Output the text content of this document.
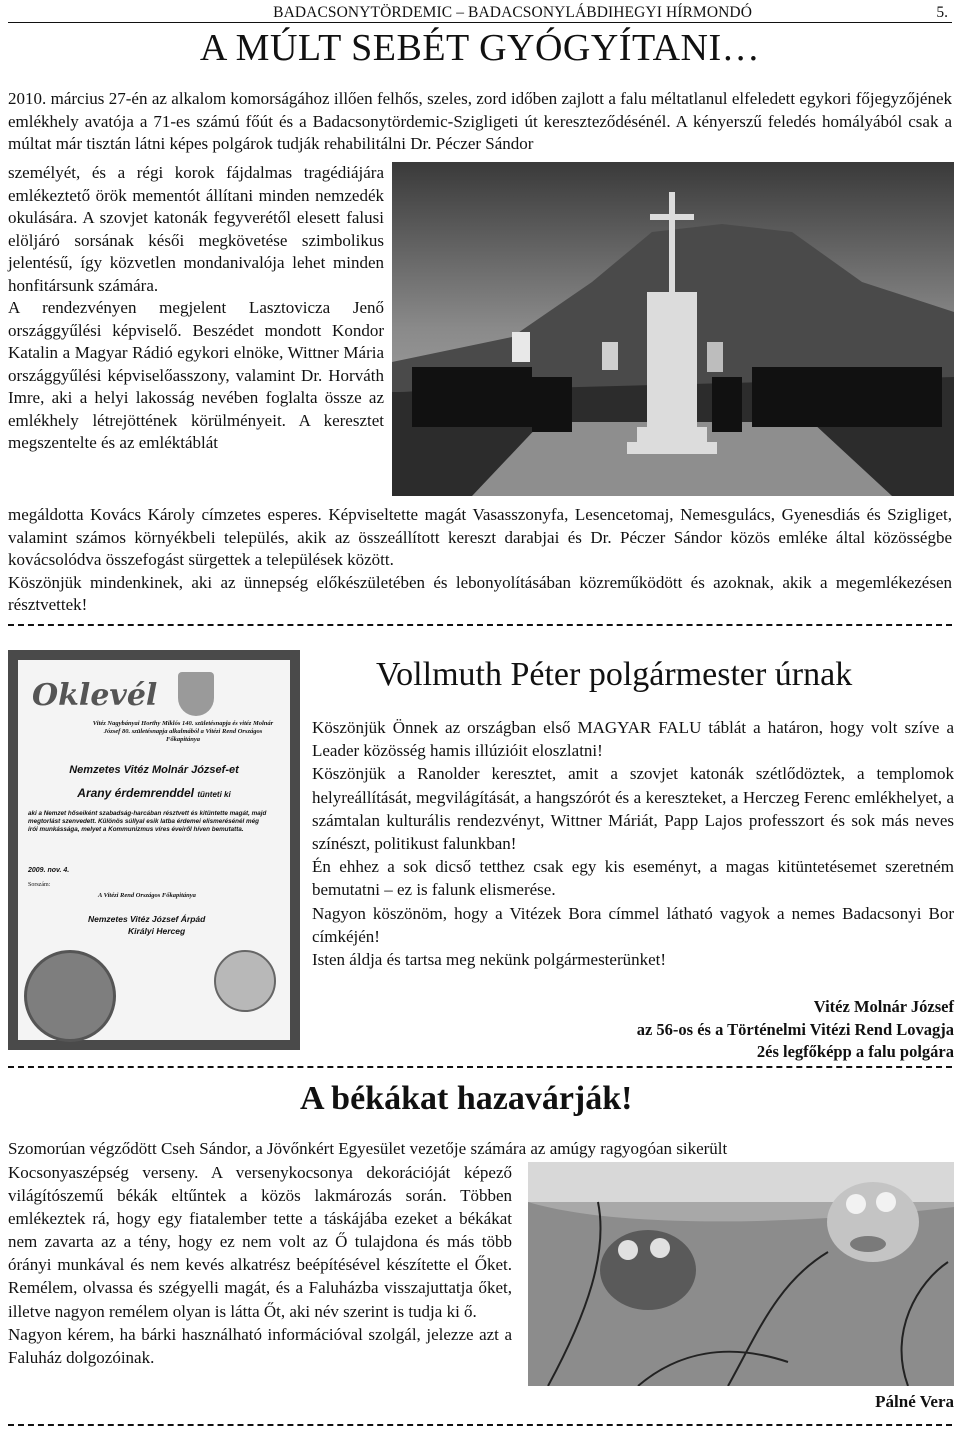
BADACSONYTÖRDEMIC – BADACSONYLÁBDIHEGYI HÍRMONDÓ	5.
A MÚLT SEBÉT GYÓGYÍTANI…

2010. március 27-én az alkalom komorságához illően felhős, szeles, zord időben zajlott a falu méltatlanul elfeledett egykori főjegyzőjének emlékhely avatója a 71-es számú főút és a Badacsonytördemic-Szigligeti út kereszteződésénél. A kényerszű feledés homályából csak a múltat már tisztán látni képes polgárok tudják rehabilitálni Dr. Péczer Sándor

személyét, és a régi korok fájdalmas tragédiájára emlékeztető örök mementót állítani minden nemzedék okulására. A szovjet katonák fegyverétől elesett falusi elöljáró sorsának késői megkövetése szimbolikus jelentésű, így közvetlen mondanivalója lehet minden honfitársunk számára.

A rendezvényen megjelent Lasztovicza Jenő országgyűlési képviselő. Beszédet mondott Kondor Katalin a Magyar Rádió egykori elnöke, Wittner Mária országgyűlési képviselőasszony, valamint Dr. Horváth Imre, aki a helyi lakosság nevében foglalta össze az emlékhely létrejöttének körülményeit. A keresztet megszentelte és az emléktáblát

megáldotta Kovács Károly címzetes esperes. Képviseltette magát Vasasszonyfa, Lesencetomaj, Nemesgulács, Gyenesdiás és Szigliget, valamint számos környékbeli település, akik az összeállított kereszt darabjai és Dr. Péczer Sándor közös emléke által közösségbe kovácsolódva összefogást sürgettek a települések között.

Köszönjük mindenkinek, aki az ünnepség előkészületében és lebonyolításában közreműködött és azoknak, akik a megemlékezésen résztvettek!

Oklevél
Vitéz Nagybányai Horthy Miklós 140. születésnapja és vitéz Molnár József 80. születésnapja alkalmából a Vitézi Rend Országos Főkapitánya
Nemzetes Vitéz Molnár József-et
Arany érdemrenddel tünteti ki
aki a Nemzet hőseiként szabadság-harcában résztvett és kitüntette magát, majd megtorlást szenvedett. Különös súllyal esik latba érdemei elismerésénél még írói munkássága, melyet a Kommunizmus víres éveiről híven bemutatta.
2009. nov. 4.
Sorszám:
A Vitézi Rend Országos Főkapitánya
Nemzetes Vitéz József Árpád
Királyi Herceg
Vollmuth Péter polgármester úrnak

Köszönjük Önnek az országban első MAGYAR FALU táblát a határon, hogy volt szíve a Leader közösség hamis illúzióit eloszlatni!

Köszönjük a Ranolder keresztet, amit a szovjet katonák szétlődöztek, a templomok helyreállítását, megvilágítását, a hangszórót és a kereszteket, a Herczeg Ferenc emlékhelyet, a számtalan kulturális rendezvényt, Wittner Máriát, Papp Lajos professzort és sok más neves színészt, politikust falunkban!

Én ehhez a sok dicső tetthez csak egy kis eseményt, a magas kitüntetésemet szeretném bemutatni – ez is falunk elismerése.

Nagyon köszönöm, hogy a Vitézek Bora címmel látható vagyok a nemes Badacsonyi Bor címkéjén!

Isten áldja és tartsa meg nekünk polgármesterünket!

Vitéz Molnár József
az 56-os és a Történelmi Vitézi Rend Lovagja
2és legfőképp a falu polgára
A békákat hazavárják!

Szomorúan végződött Cseh Sándor, a Jövőnkért Egyesület vezetője számára az amúgy ragyogóan sikerült

Kocsonyaszépség verseny. A versenykocsonya dekorációját képező világítószemű békák eltűntek a közös lakmározás során. Többen emlékeztek rá, hogy egy fiatalember tette a táskájába ezeket a békákat nem zavarta az a tény, hogy ez nem volt az Ő tulajdona és más több órányi munkával és nem kevés alkatrész beépítésével készítette el Őket. Remélem, olvassa és szégyelli magát, és a Faluházba visszajuttatja őket, illetve nagyon remélem olyan is látta Őt, aki név szerint is tudja ki ő.

Nagyon kérem, ha bárki használható információval szolgál, jelezze azt a Faluház dolgozóinak.

Pálné Vera
